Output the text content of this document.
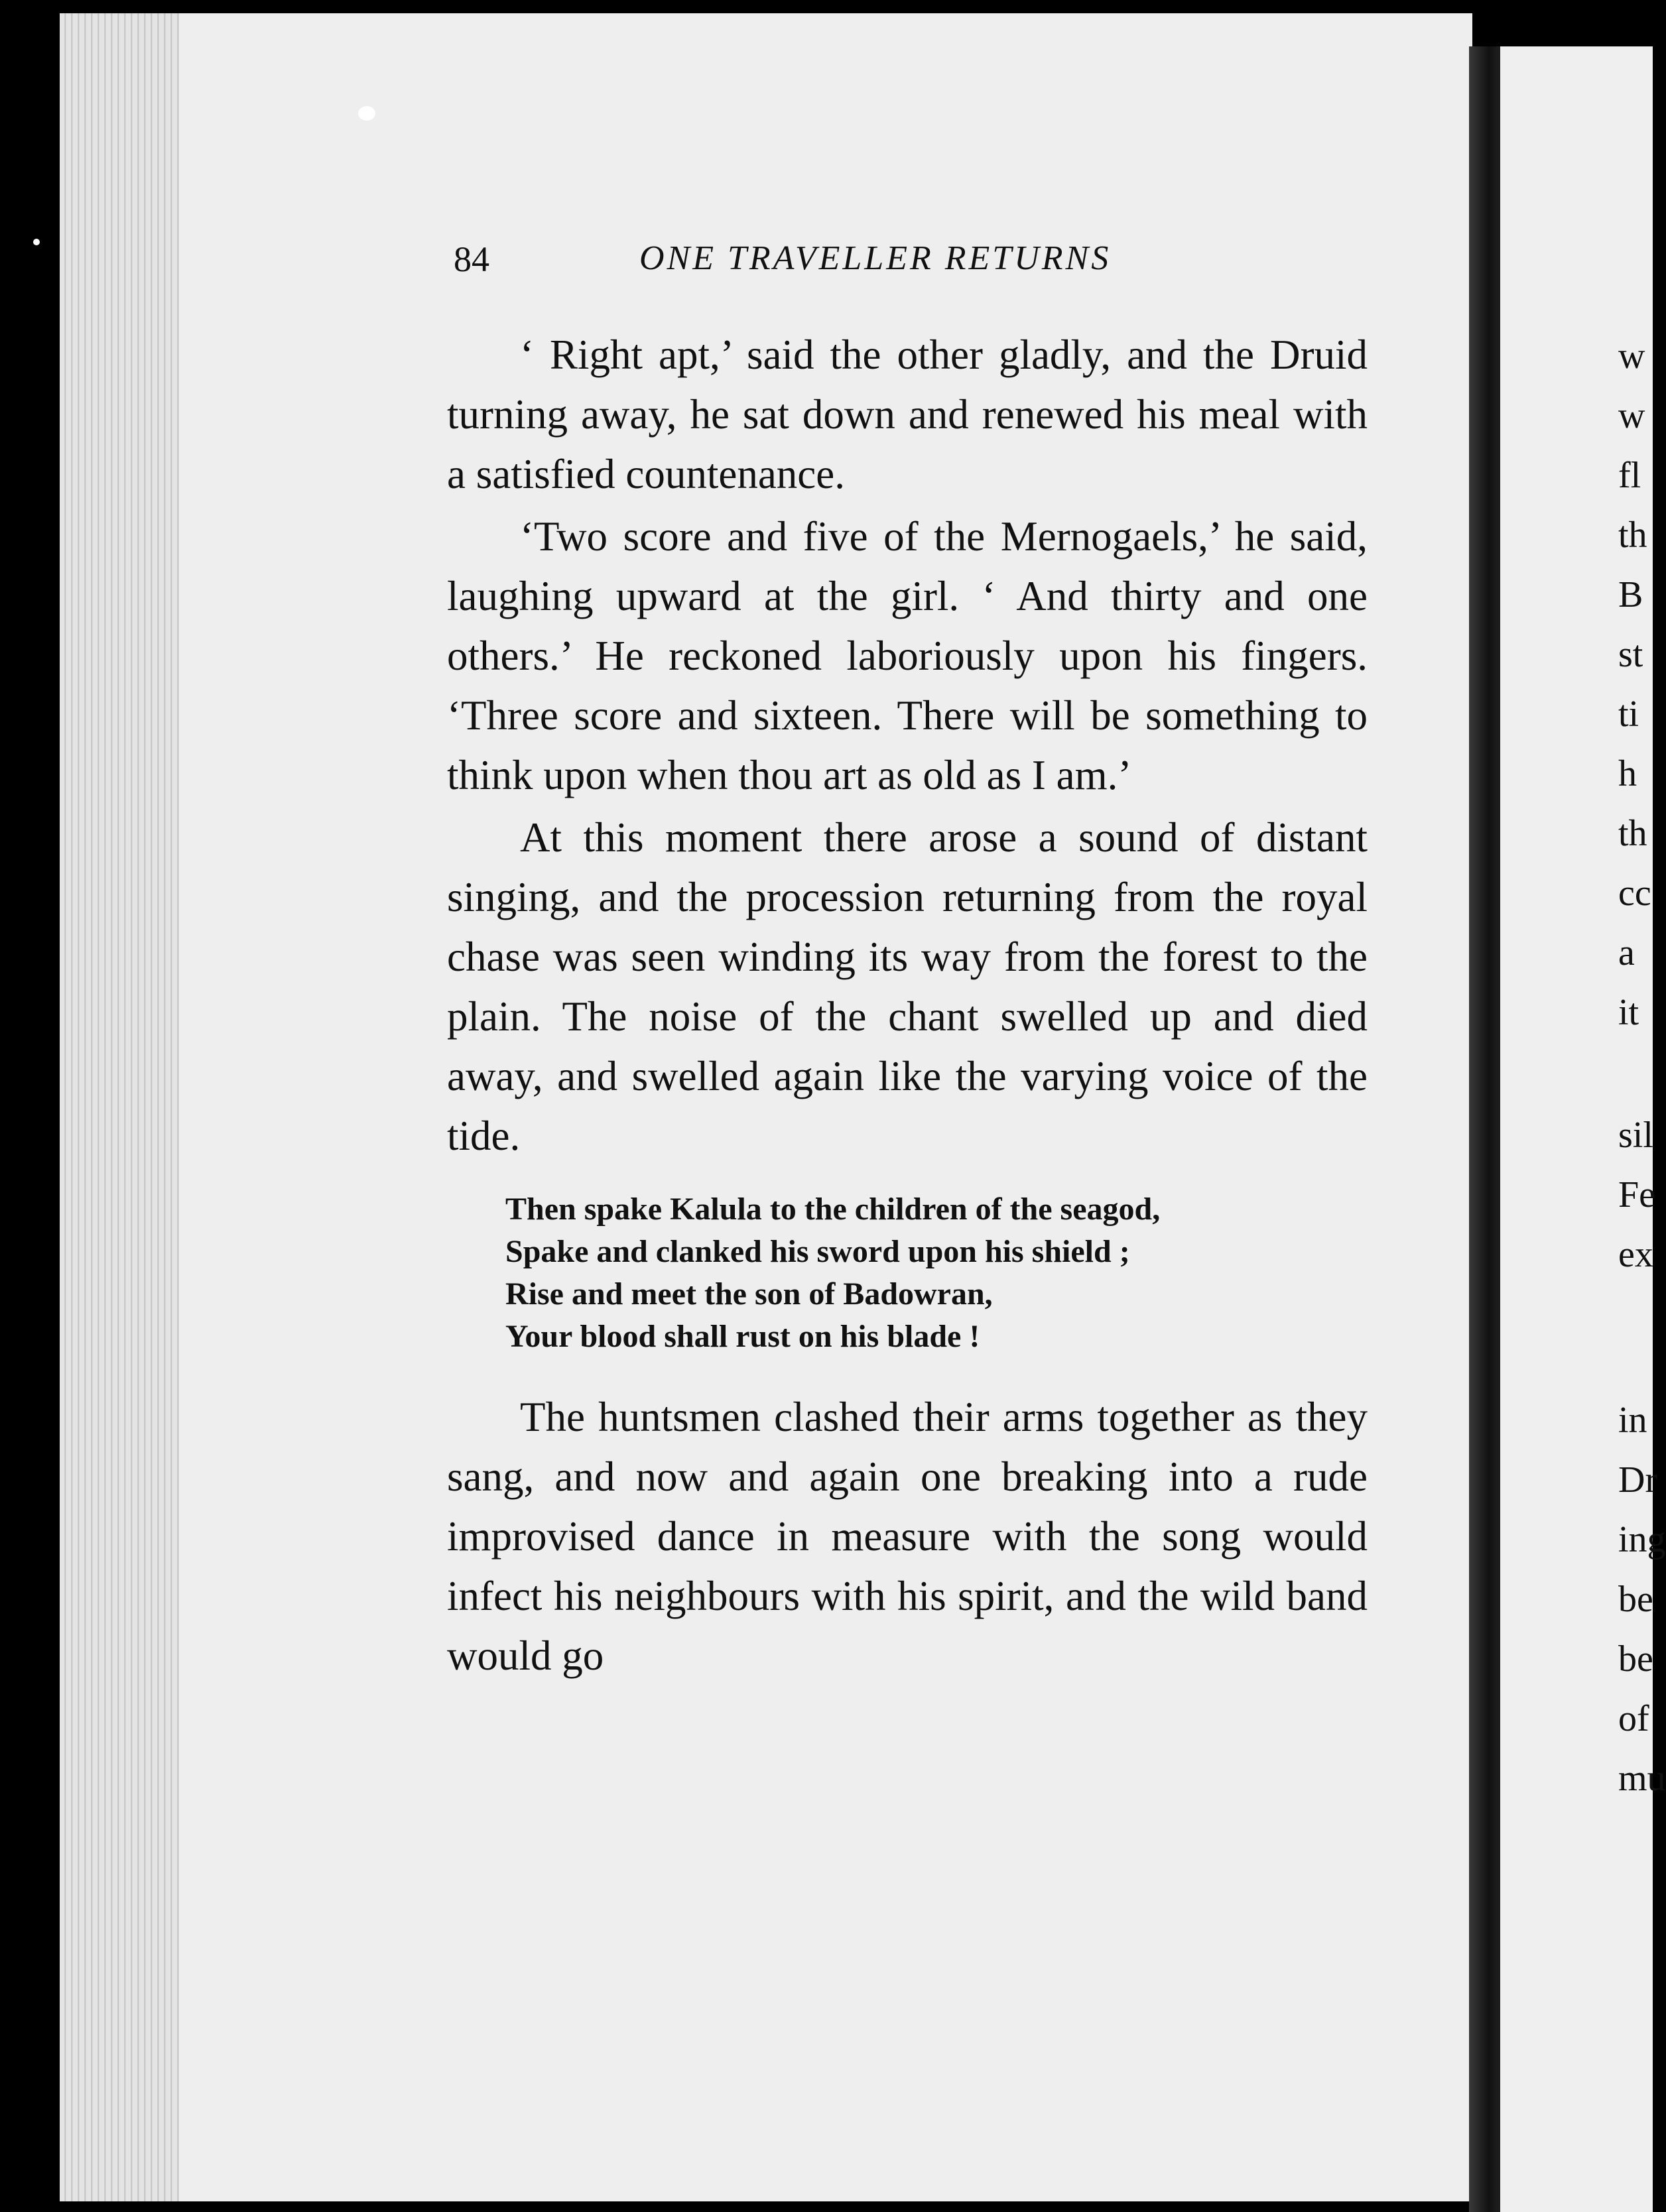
84	ONE TRAVELLER RETURNS

‘ Right apt,’ said the other gladly, and the Druid turning away, he sat down and renewed his meal with a satisfied countenance.

‘Two score and five of the Mernogaels,’ he said, laughing upward at the girl. ‘ And thirty and one others.’ He reckoned laboriously upon his fingers. ‘Three score and sixteen. There will be something to think upon when thou art as old as I am.’

At this moment there arose a sound of distant singing, and the procession returning from the royal chase was seen winding its way from the forest to the plain. The noise of the chant swelled up and died away, and swelled again like the varying voice of the tide.

Then spake Kalula to the children of the seagod,
Spake and clanked his sword upon his shield ;
Rise and meet the son of Badowran,
Your blood shall rust on his blade !

The huntsmen clashed their arms together as they sang, and now and again one breaking into a rude improvised dance in measure with the song would infect his neighbours with his spirit, and the wild band would go

w
w
fl
th
B
st
ti
h
th
cc
a
it
sil
Fe
ex
in
Dr
ing
be
be
of
mu
